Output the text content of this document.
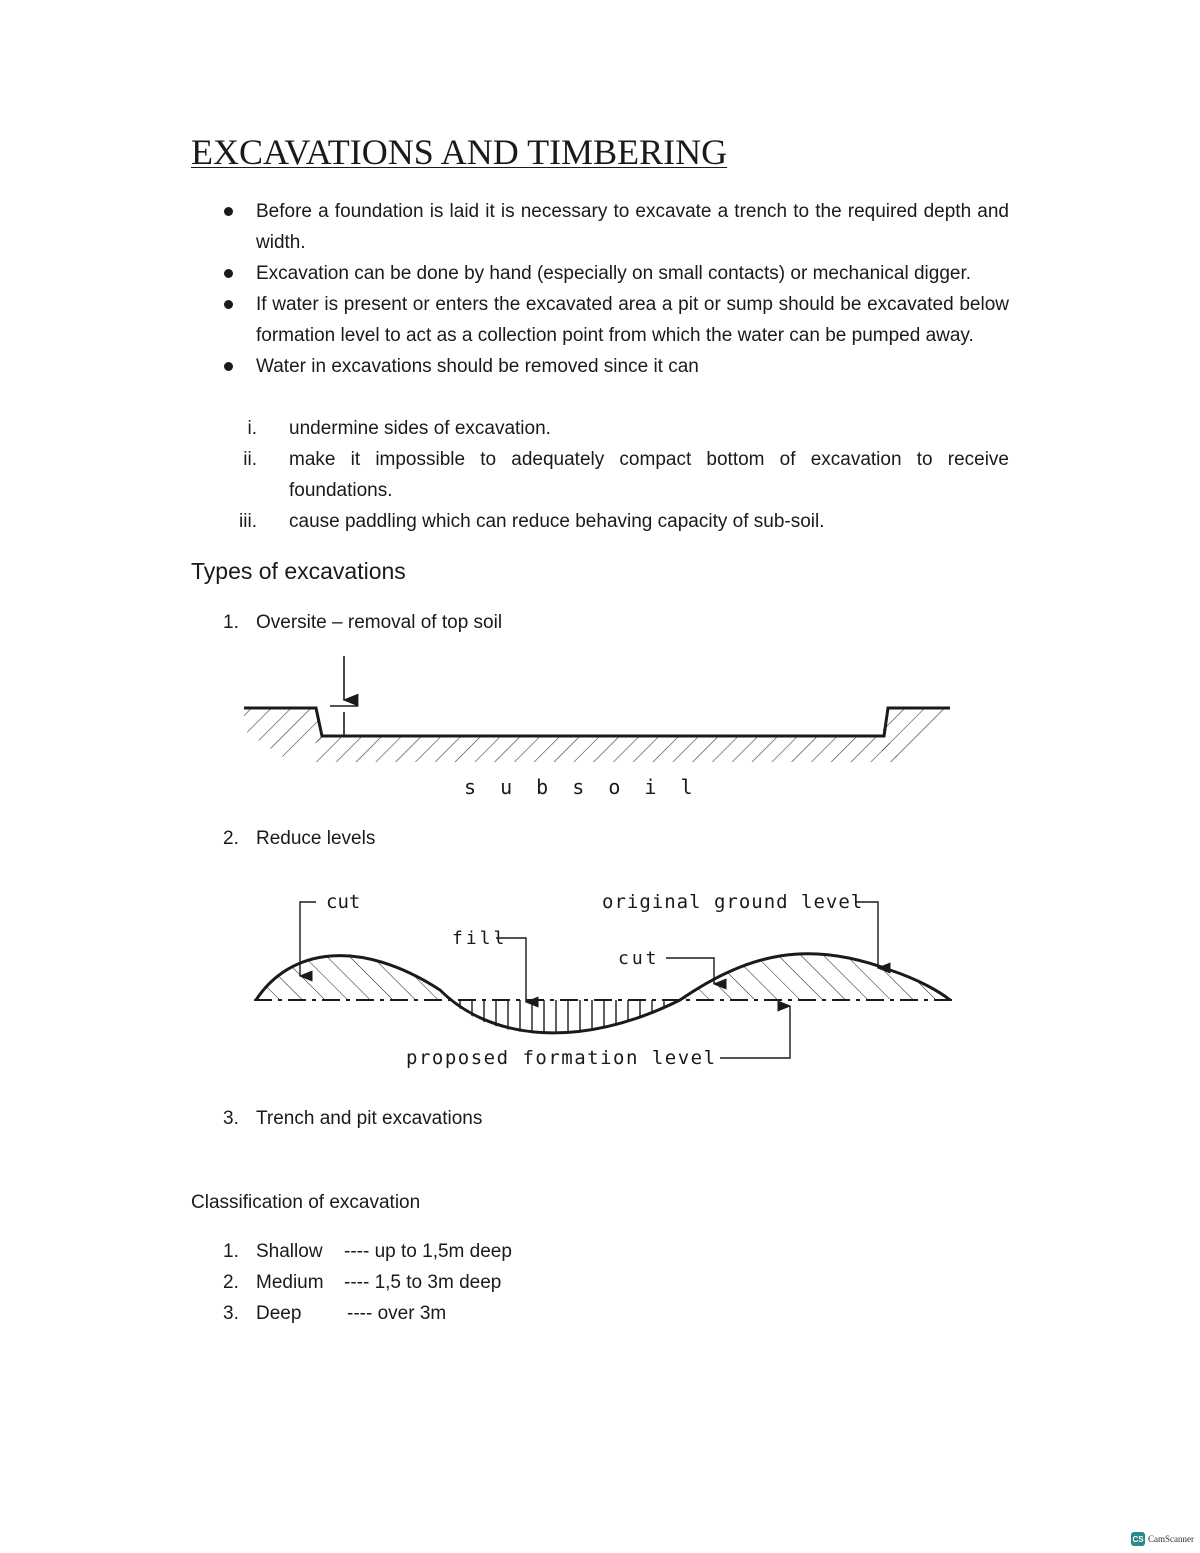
EXCAVATIONS AND TIMBERING
Before a foundation is laid it is necessary to excavate a trench to the required depth and width.
Excavation can be done by hand (especially on small contacts) or mechanical digger.
If water is present or enters the excavated area a pit or sump should be excavated below formation level to act as a collection point from which the water can be pumped away.
Water in excavations should be removed since it can
i. undermine sides of excavation.
ii. make it impossible to adequately compact bottom of excavation to receive foundations.
iii. cause paddling which can reduce behaving capacity of sub-soil.
Types of excavations
1. Oversite – removal of top soil
s u b s o i l
2. Reduce levels
cut
fill
cut
original ground level
proposed formation level
3. Trench and pit excavations
Classification of excavation
1. Shallow ---- up to 1,5m deep
2. Medium ---- 1,5 to 3m deep
3. Deep ---- over 3m
CS CamScanner
